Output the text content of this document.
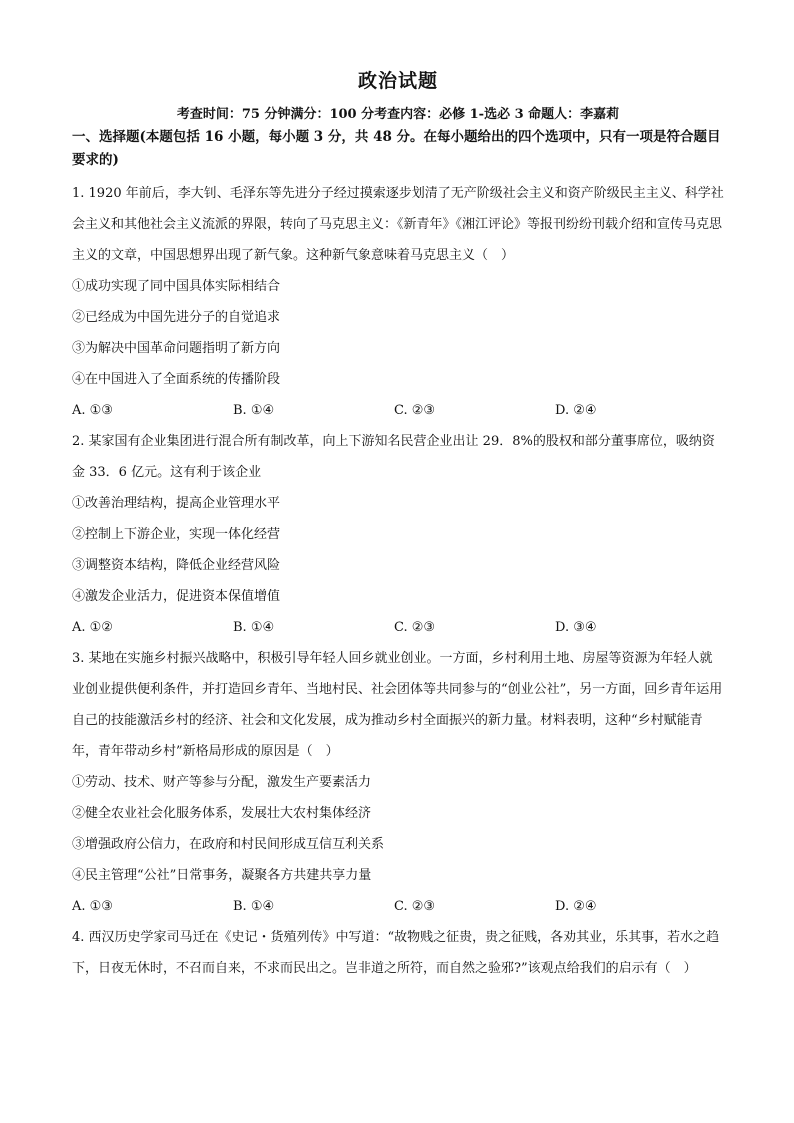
政治试题
考查时间：75 分钟满分：100 分考查内容：必修 1-选必 3 命题人：李嘉莉
一、选择题(本题包括 16 小题，每小题 3 分，共 48 分。在每小题给出的四个选项中，只有一项是符合题目要求的)
1. 1920 年前后，李大钊、毛泽东等先进分子经过摸索逐步划清了无产阶级社会主义和资产阶级民主主义、科学社会主义和其他社会主义流派的界限，转向了马克思主义：《新青年》《湘江评论》等报刊纷纷刊载介绍和宣传马克思主义的文章，中国思想界出现了新气象。这种新气象意味着马克思主义（　）
①成功实现了同中国具体实际相结合
②已经成为中国先进分子的自觉追求
③为解决中国革命问题指明了新方向
④在中国进入了全面系统的传播阶段
A. ①③	B. ①④	C. ②③	D. ②④
2. 某家国有企业集团进行混合所有制改革，向上下游知名民营企业出让 29．8%的股权和部分董事席位，吸纳资金 33．6 亿元。这有利于该企业
①改善治理结构，提高企业管理水平
②控制上下游企业，实现一体化经营
③调整资本结构，降低企业经营风险
④激发企业活力，促进资本保值增值
A. ①②	B. ①④	C. ②③	D. ③④
3. 某地在实施乡村振兴战略中，积极引导年轻人回乡就业创业。一方面，乡村利用土地、房屋等资源为年轻人就业创业提供便利条件，并打造回乡青年、当地村民、社会团体等共同参与的“创业公社”，另一方面，回乡青年运用自己的技能激活乡村的经济、社会和文化发展，成为推动乡村全面振兴的新力量。材料表明，这种“乡村赋能青年，青年带动乡村”新格局形成的原因是（　）
①劳动、技术、财产等参与分配，激发生产要素活力
②健全农业社会化服务体系，发展壮大农村集体经济
③增强政府公信力，在政府和村民间形成互信互利关系
④民主管理“公社”日常事务，凝聚各方共建共享力量
A. ①③	B. ①④	C. ②③	D. ②④
4. 西汉历史学家司马迁在《史记・货殖列传》中写道：“故物贱之征贵，贵之征贱，各劝其业，乐其事，若水之趋下，日夜无休时，不召而自来，不求而民出之。岂非道之所符，而自然之验邪?”该观点给我们的启示有（　）
